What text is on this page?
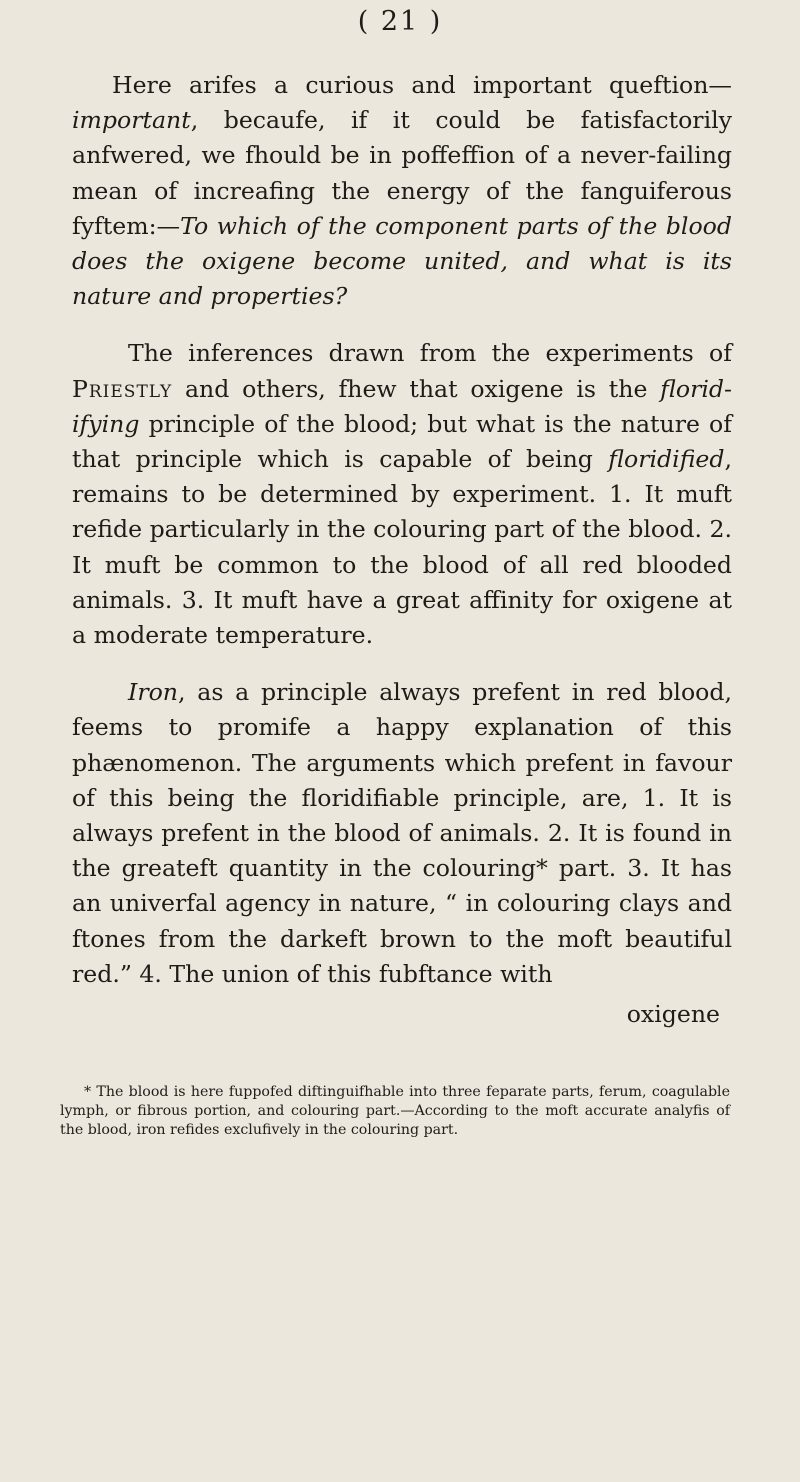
( 21 )

Here arifes a curious and important queftion—important, becaufe, if it could be fatisfactorily anfwered, we fhould be in poffeffion of a never-failing mean of increafing the energy of the fanguiferous fyftem:—To which of the component parts of the blood does the oxigene become united, and what is its nature and properties?

The inferences drawn from the experiments of Priestly and others, fhew that oxigene is the florid-ifying principle of the blood; but what is the nature of that principle which is capable of being floridified, remains to be determined by experiment. 1. It muft refide particularly in the colouring part of the blood. 2. It muft be common to the blood of all red blooded animals. 3. It muft have a great affinity for oxigene at a moderate temperature.

Iron, as a principle always prefent in red blood, feems to promife a happy explanation of this phænomenon. The arguments which prefent in favour of this being the floridifiable principle, are, 1. It is always prefent in the blood of animals. 2. It is found in the greateft quantity in the colouring* part. 3. It has an univerfal agency in nature, “ in colouring clays and ftones from the darkeft brown to the moft beautiful red.” 4. The union of this fubftance with

oxigene
* The blood is here fuppofed diftinguifhable into three feparate parts, ferum, coagulable lymph, or fibrous portion, and colouring part.—According to the moft accurate analyfis of the blood, iron refides exclufively in the colouring part.
